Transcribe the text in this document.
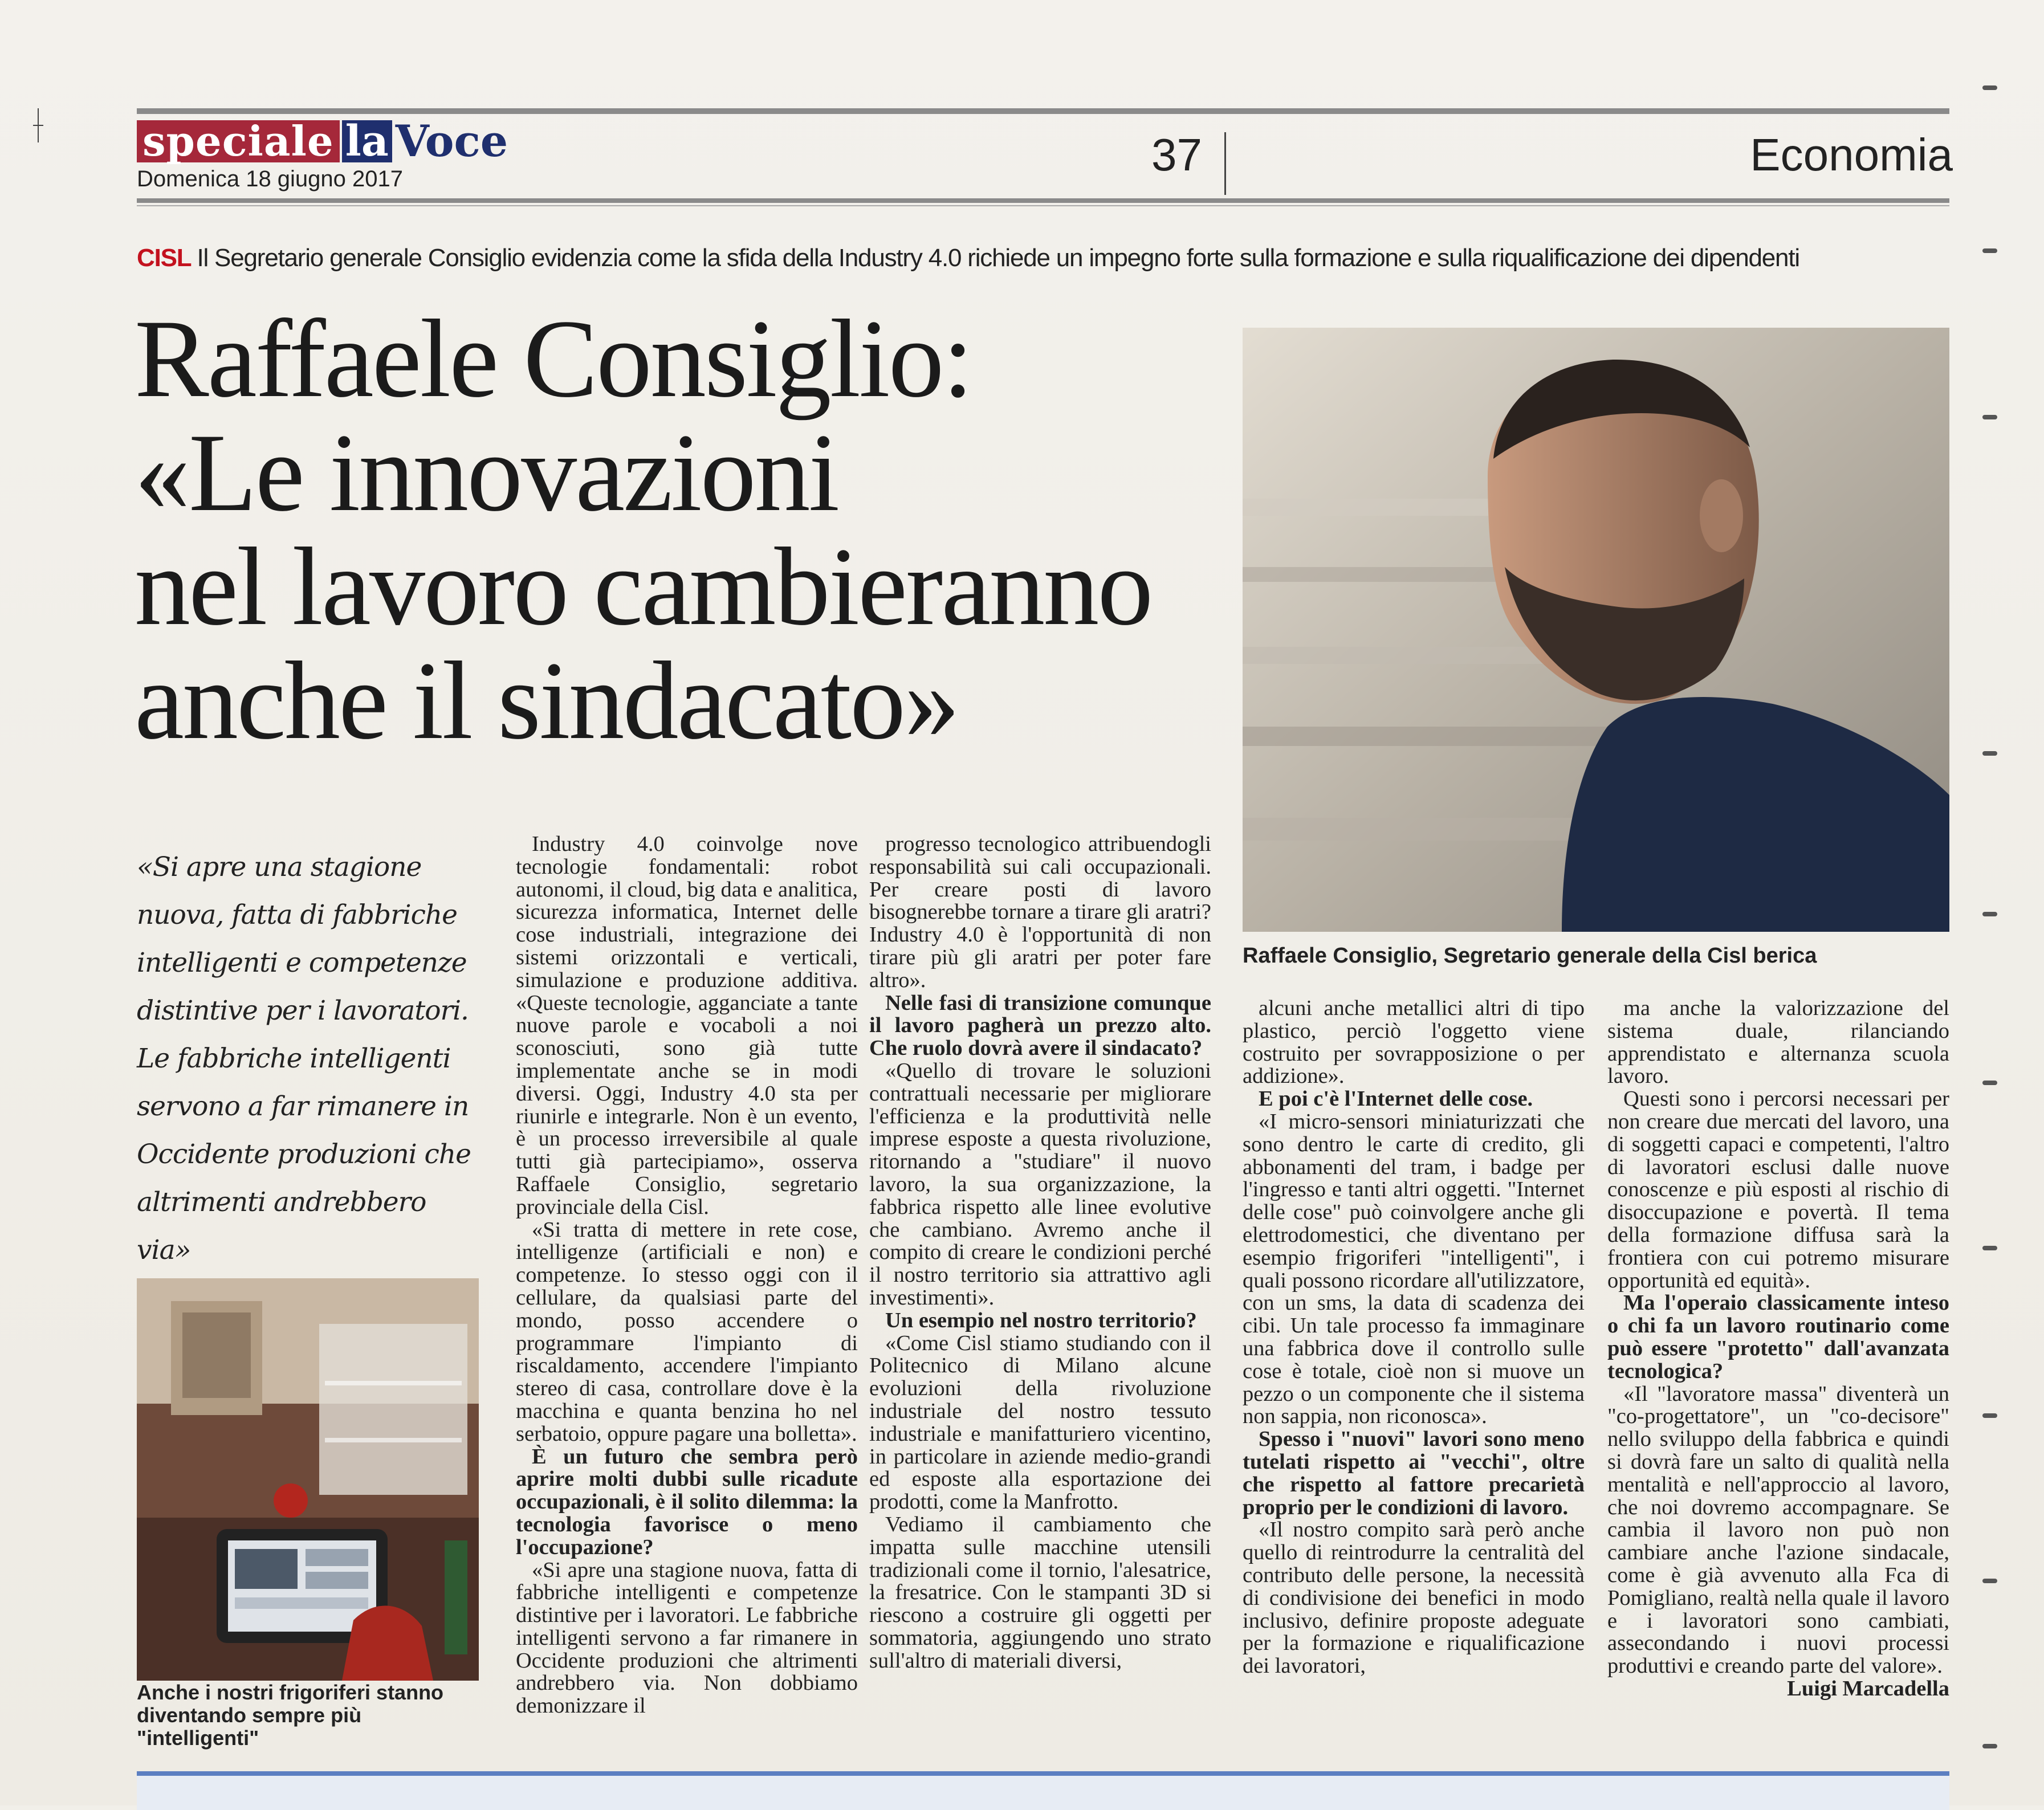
speciale la Voce
Domenica 18 giugno 2017	37	Economia
CISL Il Segretario generale Consiglio evidenzia come la sfida della Industry 4.0 richiede un impegno forte sulla formazione e sulla riqualificazione dei dipendenti
Raffaele Consiglio:
«Le innovazioni
nel lavoro cambieranno
anche il sindacato»
Raffaele Consiglio, Segretario generale della Cisl berica
«Si apre una stagione nuova, fatta di fabbriche intelligenti e competenze distintive per i lavoratori. Le fabbriche intelligenti servono a far rimanere in Occidente produzioni che altrimenti andrebbero via»
Anche i nostri frigoriferi stanno diventando sempre più "intelligenti"

Industry 4.0 coinvolge nove tecnologie fondamentali: robot autonomi, il cloud, big data e analitica, sicurezza informatica, Internet delle cose industriali, integrazione dei sistemi orizzontali e verticali, simulazione e produzione additiva. «Queste tecnologie, agganciate a tante nuove parole e vocaboli a noi sconosciuti, sono già tutte implementate anche se in modi diversi. Oggi, Industry 4.0 sta per riunirle e integrarle. Non è un evento, è un processo irreversibile al quale tutti già partecipiamo», osserva Raffaele Consiglio, segretario provinciale della Cisl.

«Si tratta di mettere in rete cose, intelligenze (artificiali e non) e competenze. Io stesso oggi con il cellulare, da qualsiasi parte del mondo, posso accendere o programmare l'impianto di riscaldamento, accendere l'impianto stereo di casa, controllare dove è la macchina e quanta benzina ho nel serbatoio, oppure pagare una bolletta».

È un futuro che sembra però aprire molti dubbi sulle ricadute occupazionali, è il solito dilemma: la tecnologia favorisce o meno l'occupazione?

«Si apre una stagione nuova, fatta di fabbriche intelligenti e competenze distintive per i lavoratori. Le fabbriche intelligenti servono a far rimanere in Occidente produzioni che altrimenti andrebbero via. Non dobbiamo demonizzare il

progresso tecnologico attribuendogli responsabilità sui cali occupazionali. Per creare posti di lavoro bisognerebbe tornare a tirare gli aratri? Industry 4.0 è l'opportunità di non tirare più gli aratri per poter fare altro».

Nelle fasi di transizione comunque il lavoro pagherà un prezzo alto. Che ruolo dovrà avere il sindacato?

«Quello di trovare le soluzioni contrattuali necessarie per migliorare l'efficienza e la produttività nelle imprese esposte a questa rivoluzione, ritornando a "studiare" il nuovo lavoro, la sua organizzazione, la fabbrica rispetto alle linee evolutive che cambiano. Avremo anche il compito di creare le condizioni perché il nostro territorio sia attrattivo agli investimenti».

Un esempio nel nostro territorio?

«Come Cisl stiamo studiando con il Politecnico di Milano alcune evoluzioni della rivoluzione industriale del nostro tessuto industriale e manifatturiero vicentino, in particolare in aziende medio-grandi ed esposte alla esportazione dei prodotti, come la Manfrotto.

Vediamo il cambiamento che impatta sulle macchine utensili tradizionali come il tornio, l'alesatrice, la fresatrice. Con le stampanti 3D si riescono a costruire gli oggetti per sommatoria, aggiungendo uno strato sull'altro di materiali diversi,

alcuni anche metallici altri di tipo plastico, perciò l'oggetto viene costruito per sovrapposizione o per addizione».

E poi c'è l'Internet delle cose.

«I micro-sensori miniaturizzati che sono dentro le carte di credito, gli abbonamenti del tram, i badge per l'ingresso e tanti altri oggetti. "Internet delle cose" può coinvolgere anche gli elettrodomestici, che diventano per esempio frigoriferi "intelligenti", i quali possono ricordare all'utilizzatore, con un sms, la data di scadenza dei cibi. Un tale processo fa immaginare una fabbrica dove il controllo sulle cose è totale, cioè non si muove un pezzo o un componente che il sistema non sappia, non riconosca».

Spesso i "nuovi" lavori sono meno tutelati rispetto ai "vecchi", oltre che rispetto al fattore precarietà proprio per le condizioni di lavoro.

«Il nostro compito sarà però anche quello di reintrodurre la centralità del contributo delle persone, la necessità di condivisione dei benefici in modo inclusivo, definire proposte adeguate per la formazione e riqualificazione dei lavoratori,

ma anche la valorizzazione del sistema duale, rilanciando apprendistato e alternanza scuola lavoro.

Questi sono i percorsi necessari per non creare due mercati del lavoro, una di soggetti capaci e competenti, l'altro di lavoratori esclusi dalle nuove conoscenze e più esposti al rischio di disoccupazione e povertà. Il tema della formazione diffusa sarà la frontiera con cui potremo misurare opportunità ed equità».

Ma l'operaio classicamente inteso o chi fa un lavoro routinario come può essere "protetto" dall'avanzata tecnologica?

«Il "lavoratore massa" diventerà un "co-progettatore", un "co-decisore" nello sviluppo della fabbrica e quindi si dovrà fare un salto di qualità nella mentalità e nell'approccio al lavoro, che noi dovremo accompagnare. Se cambia il lavoro non può non cambiare anche l'azione sindacale, come è già avvenuto alla Fca di Pomigliano, realtà nella quale il lavoro e i lavoratori sono cambiati, assecondando i nuovi processi produttivi e creando parte del valore».

Luigi Marcadella
